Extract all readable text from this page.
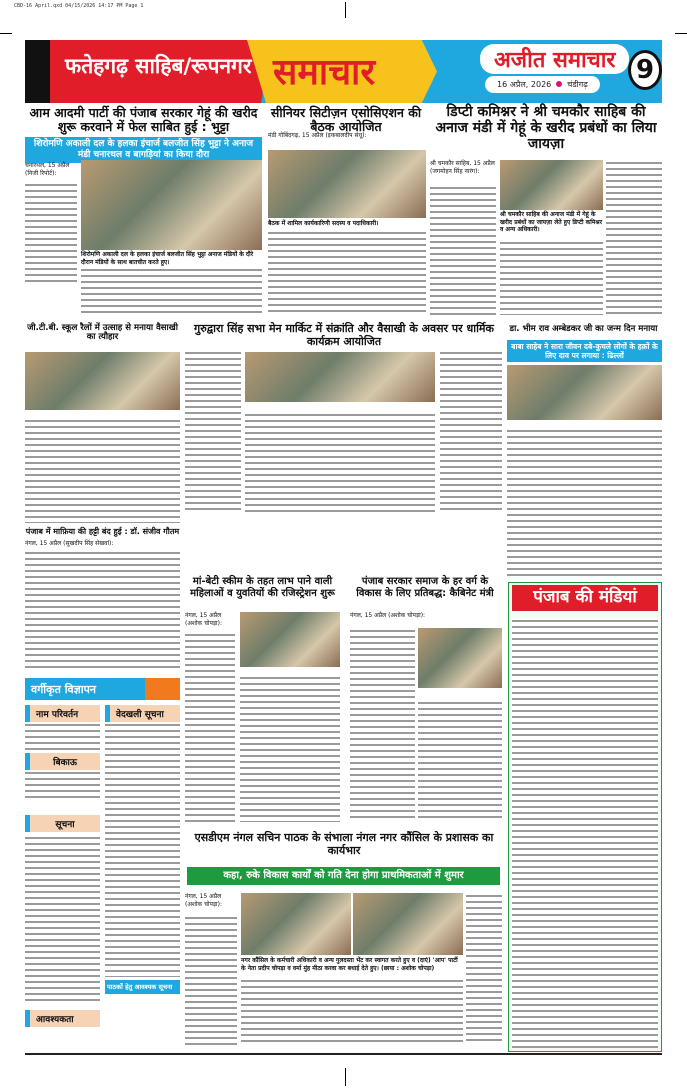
CBD-16 April.qxd 04/15/2026 14:17 PM Page 1
फतेहगढ़ साहिब/रूपनगर समाचार	अजीत समाचार
16 अप्रैल, 2026 चंडीगढ़	9
आम आदमी पार्टी की पंजाब सरकार गेहूं की खरीद शुरू करवाने में फेल साबित हुई : भुट्टा
शिरोमणि अकाली दल के हलका इंचार्ज बलजीत सिंह भुट्टा ने अनाज मंडी चनारथल व बागड़ियां का किया दौरा
चनारथल, 15 अप्रैल (निजी रिपोर्ट):
शिरोमणि अकाली दल के हलका इंचार्ज बलजीत सिंह भुट्टा अनाज मंडियों के दौरे दौरान मंडियों के साथ बातचीत करते हुए।
सीनियर सिटीज़न एसोसिएशन की बैठक आयोजित
मंडी गोबिंदगढ़, 15 अप्रैल (इकबालदीप संधू):
बैठक में शामिल कार्यकारिणी सदस्य व पदाधिकारी।
डिप्टी कमिश्नर ने श्री चमकौर साहिब की अनाज मंडी में गेहूं के खरीद प्रबंधों का लिया जायज़ा
श्री चमकौर साहिब, 15 अप्रैल (जगमोहन सिंह नारंग):
श्री चमकौर साहिब की अनाज मंडी में गेहूं के खरीद प्रबंधों का जायज़ा लेते हुए डिप्टी कमिश्नर व अन्य अधिकारी।
जी.टी.बी. स्कूल रैलों में उत्साह से मनाया वैसाखी का त्यौहार
गुरुद्वारा सिंह सभा मेन मार्किट में संक्रांति और वैसाखी के अवसर पर धार्मिक कार्यक्रम आयोजित
डा. भीम राव अम्बेडकर जी का जन्म दिन मनाया
बाबा साहेब ने सारा जीवन दबे-कुचले लोगों के हक़ों के लिए दाव पर लगाया : ढिल्लों
पंजाब में माफ़िया की हट्टी बंद हुई : डॉ. संजीव गौतम
नंगल, 15 अप्रैल (सुखदीप सिंह सेखवां):
मां-बेटी स्कीम के तहत लाभ पाने वाली महिलाओं व युवतियों की रजिस्ट्रेशन शुरू
नंगल, 15 अप्रैल (अशोक चोपड़ा):
पंजाब सरकार समाज के हर वर्ग के विकास के लिए प्रतिबद्ध: कैबिनेट मंत्री
नंगल, 15 अप्रैल (अशोक चोपड़ा):
पंजाब की मंडियां
वर्गीकृत विज्ञापन
नाम परिवर्तन	वेदखली सूचना
बिकाऊ
सूचना
आवश्यकता
पाठकों हेतु आवश्यक सूचना
एसडीएम नंगल सचिन पाठक के संभाला नंगल नगर कौंसिल के प्रशासक का कार्यभार
कहा, रुके विकास कार्यों को गति देना होगा प्राथमिकताओं में शुमार
नंगल, 15 अप्रैल (अशोक चोपड़ा):
नगर कौंसिल के कर्मचारी अधिकारी व अन्य गुलदस्ता भेंट कर स्वागत करते हुए व (दाएं) 'आप' पार्टी के नेता प्रदीप चोपड़ा व वर्मा मुंह मीठा करवा कर बधाई देते हुए। (छाया : अशोक चोपड़ा)
